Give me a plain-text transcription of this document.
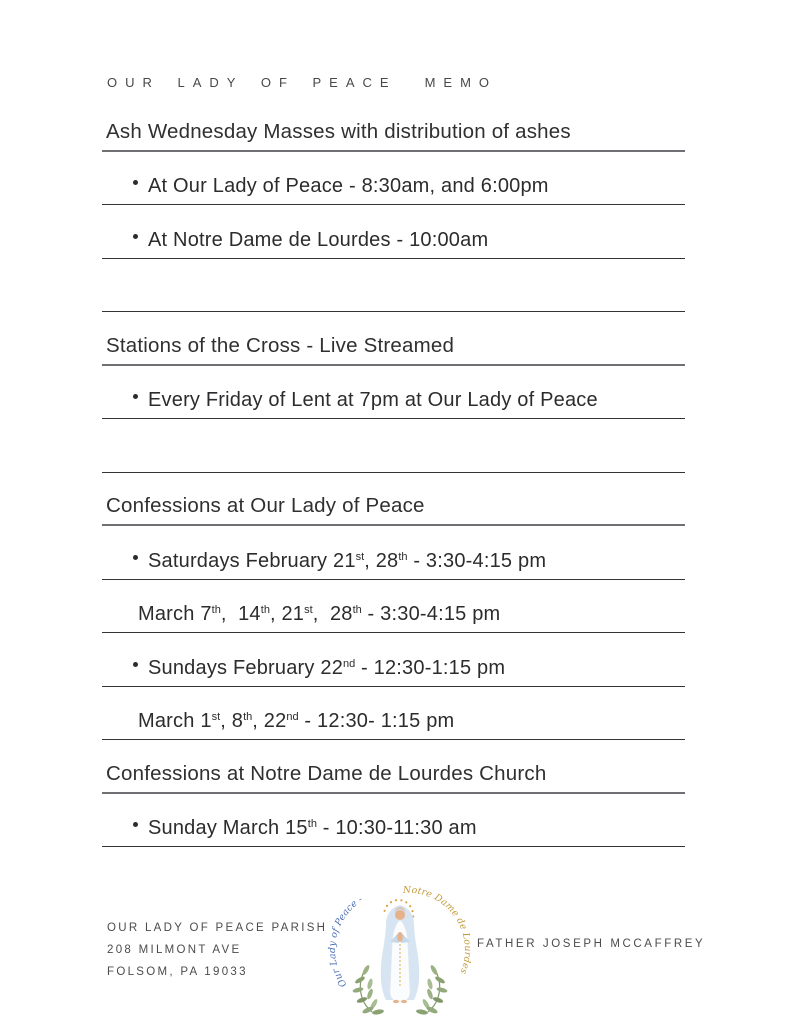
OUR LADY OF PEACE MEMO
Ash Wednesday Masses with distribution of ashes
At Our Lady of Peace - 8:30am, and 6:00pm
At Notre Dame de Lourdes - 10:00am
Stations of the Cross - Live Streamed
Every Friday of Lent at 7pm at Our Lady of Peace
Confessions at Our Lady of Peace
Saturdays February 21st, 28th - 3:30-4:15 pm
March 7th,  14th, 21st,  28th - 3:30-4:15 pm
Sundays February 22nd - 12:30-1:15 pm
March 1st, 8th, 22nd - 12:30- 1:15 pm
Confessions at Notre Dame de Lourdes Church
Sunday March 15th - 10:30-11:30 am
OUR LADY OF PEACE PARISH
208 MILMONT AVE
FOLSOM, PA 19033
Our Lady of Peace -
Notre Dame de Lourdes
FATHER JOSEPH MCCAFFREY
